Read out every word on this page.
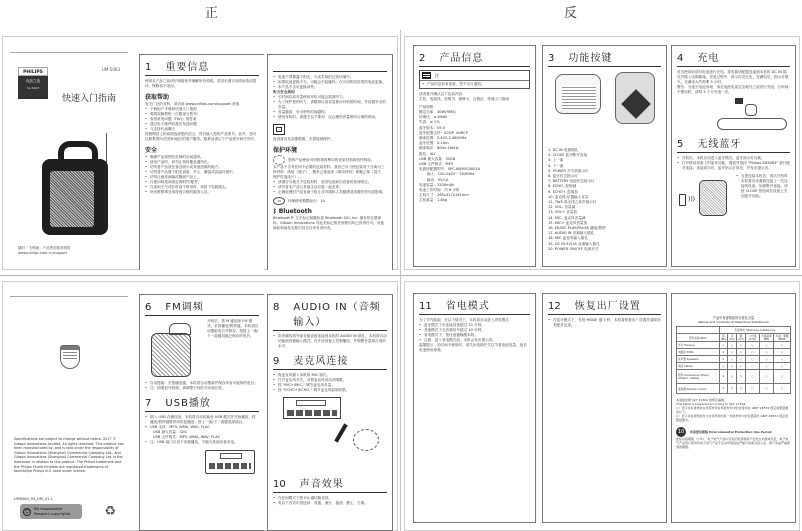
正	反
PHILIPS
优品之选
SL-5063
UM-5063
快速入门指南
随时「飞利浦」产品售后服务网络
www.philips.com.cn/support
1 重要信息
使用本产品之前请仔细阅读并理解所有说明。若因未遵守说明而造成损坏，保修将不适用。
获取帮助
有关广泛的支持，请访问 www.philips.com/support 获取：
• 下载用户手册和快速入门指南
• 观看视频教程（仅限部分型号）
• 查找常见问题（FAQ）的答案
• 通过电子邮件向我们发送问题
• 与支持代表聊天
按照网站上的说明选择您的语言，然后输入您的产品型号。此外，您可以联系您所在国家/地区的客户服务。联系前请记下产品型号和序列号。
安全
• 确保产品周围有足够的空间通风。
• 使用产品时，切勿让物体覆盖通风孔。
• 切勿将产品放在靠近明火或其他热源的地方。
• 切勿将产品置于阳光直射、多尘、潮湿或高温环境中。
• 切勿让液体滴落或溅到产品上。
• 仅使用制造商指定的附件/配件。
• 在雷雨天气或长时间不使用时，请拔下电源插头。
• 所有维修事宜请咨询合格的服务人员。
• 电池不得暴露于阳光、火或类似的过热环境中。
• 如果电池更换不当，可能会引起爆炸。仅可用相同类型的电池更换。
• 本产品不含可更换部件。
听力安全须知
• 长时间以高音量使用耳机可能会损害听力。
• 为了保护您的听力，请限制以高音量使用耳机的时间，并设置安全的音量。
• 音量越高，安全聆听时间越短。
• 使用耳机时，请遵守以下准则：以合理的音量聆听合理的时间。
此设备具有双重绝缘，无需接地保护。
保护环境
您的产品使用可回收和再利用的优质材料和组件制造。
本产品不含有任何不必要的包装材料。我们已尽力使包装易于分离为三种材料：纸板（箱子）、聚苯乙烯泡沫（缓冲材料）和聚乙烯（袋子、保护性泡沫片）。
• 请遵守当地关于包装材料、废旧电池和旧设备的处理规定。
• 请勿将本产品与其他生活垃圾一起丢弃。
• 正确处理旧产品有助于防止对环境和人类健康造成潜在的负面影响。
10 环保使用期限标识：10
ᛒ Bluetooth
Bluetooth® 文字标记和徽标是 Bluetooth SIG, Inc. 拥有的注册商标，Gibson Innovations 对此类标记的任何使用均已获得许可。其他商标和商品名称归其各自所有者所有。
2 产品信息
注
• 产品信息如有更改，恕不另行通知。
请查看并确认以下包装内容：
主机，电源线，说明书，保修卡，合格证，快速入门指南
产品规格：
额定功率：30W(RMS)
信噪比：≥ 65dB
失真：≤ 1%
蓝牙版本：V5.0
蓝牙配置文件：A2DP, AVRCP
频率范围：2.402-2.480GHz
蓝牙范围：0-10m
频率响应：80Hz-16kHz
阻抗：4Ω
USB 最大容量：32GB
USB 文件格式：MP3
电源适配器型号：SPC-AW0503001A
输入：100-240V~ 50/60Hz
输出：5V/1A
电池容量：1200mAh
电池工作时间：约 6 小时
主机尺寸：269x317x161mm
主机重量：1.8kg
3 功能按键
1. DC IN 电源插孔
2. CLOSE 蓝牙断开连接
3. 上一曲
4. 下一曲
5. POWER 开关机指示灯
6. 蓝牙状态指示灯
7. BATTERY 电池状态指示灯
8. ECHO- 混响减
9. ECHO+ 混响加
10. 麦克风/乐器输入音量
11. TWS 真无线立体声指示灯
12. VOL- 音量减
13. VOL+ 音量加
14. MIC- 麦克风音量减
15. MIC+ 麦克风音量加
16. MUSIC PLAY/PAUSE 播放/暂停
17. AUDIO IN 音频输入插孔
18. MIC 麦克风输入插孔
19. DC IN 5V/1A 直流输入插孔
20. POWER ON/OFF 电源开关
4 充电
首次使用前请对电池进行充电。将电源适配器连接到本机的 DC IN 插孔并插入电源插座。充电过程中，指示灯亮红色；充满电后，指示灯熄灭。充满电大约需要 5 小时。
警告：为延长电池寿命，请在电池电量完全耗尽之前进行充电。长时间不使用时，请每 3 个月充电一次。
5 无线蓝牙
• 开机后，本机自动进入蓝牙模式，蓝牙指示灯闪烁。
• 打开移动设备上的蓝牙功能，搜索并选择 "Philips SD5063" 进行配对连接。连接成功后，蓝牙指示灯常亮，并发出提示音。
)))
• 当您连接本机后，再次开机时本机将自动重新连接上一次连接的设备。如需断开连接，请按 CLOSE 按钮或在设备上关闭蓝牙功能。
Specifications are subject to change without notice. 2017 © Gibson Innovations Limited. All rights reserved. This product has been manufactured by, and is sold under the responsibility of Gibson Innovations (Shanghai) Commercial Company Ltd., and Gibson Innovations (Shanghai) Commercial Company Ltd. is the warrantor in relation to this product. The Philips trademark and the Philips Shield Emblem are registered trademarks of Koninklijke Philips N.V. used under license.
UM5063_93_UM_V1.1
☺	Be responsible
Respect copyrights	♻
6 FM调频
开机后，按 M 键选择 FM 模式。长按播放/暂停键，本机将自动搜索电台并保存。短按上一曲/下一曲键切换已保存的电台。
• 自动搜索：长按播放键，本机将自动搜索并保存所有可接收的电台。
• 注：如果信号较弱，请调整天线的方向和长度。
7 USB播放
• 插入 USB 存储设备，本机将自动切换至 USB 模式并开始播放。按播放/暂停键暂停或恢复播放；按上一曲/下一曲键选择曲目。
• USB 支持：MP3, WMA, WAV, FLAC
USB 最大容量：32G
USB 文件格式：MP3, WMA, WAV, FLAC
• 注：USB 接口仅用于音频播放，不能为其他设备充电。
8 AUDIO IN（音频输入）
• 用音频线将外部音频设备连接到本机的 AUDIO IN 插孔，本机将自动切换到音频输入模式。在外部设备上控制播放，并调整音量到合适的水平。
9 麦克风连接
• 将麦克风插入本机的 MIC 插孔。
• 打开麦克风开关，对着麦克风说话或唱歌。
• 按 "MIC+/MIC-" 调节麦克风音量。
• 按 "ECHO+/ECHO-" 调节麦克风混响效果。
10 声音效果
• 在任何模式下按 EQ 键切换音效。
• 有以下音效可供选择：普通、流行、摇滚、爵士、古典。
11 省电模式
为了节约能源，在以下情况下，本机将自动进入省电模式：
• 蓝牙模式下未连接设备超过 10 分钟。
• 其他模式下无音频信号超过 10 分钟。
• 省电模式下，按任意键唤醒本机。
• 注意：进入省电模式前，本机会发出提示音。
温馨提示：长时间不使用时，请关闭电源开关以节省电池电量，延长电池使用寿命。
12 恢复出厂设置
• 在蓝牙模式下，长按 MODE 键 5 秒，本机将恢复出厂设置并清除所有配对记录。
产品中有害物质的名称及含量
Names and Contents of Hazardous Substances
	有害物质 Hazardous Substances					
部件名称 Parts	铅 (Pb)	汞 (Hg)	镉 (Cd)	六价铬 Cr(VI)	多溴联苯 PBB	多溴二苯醚 PBDE
外壳 Housing	○	○	○	○	○	○
电路板 PCBA	×	○	○	○	○	○
扬声器 Speakers	×	○	○	○	○	○
电线 Cables	○	○	○	○	○	○
附件 Accessories (Power adaptor, cables)	×	○	○	○	○	○
遥控器 Remote control	×	○	○	○	○	○
本表格依据 SJ/T 11364 的规定编制。
This table is prepared according to SJ/T 11364.
○：表示该有害物质在该部件所有均质材料中的含量均在 GB/T 26572 规定的限量要求以下。
×：表示该有害物质至少在该部件的某一均质材料中的含量超出 GB/T 26572 规定的限量要求。
10	环保使用期限 Environmental Protection Use Period
此标识指期限（十年），电子电气产品中含有的有害物质不会发生外泄或突变，电子电气产品用户使用该电子电气产品不会对环境造成严重污染或对其人身、财产造成严重损害的期限。
